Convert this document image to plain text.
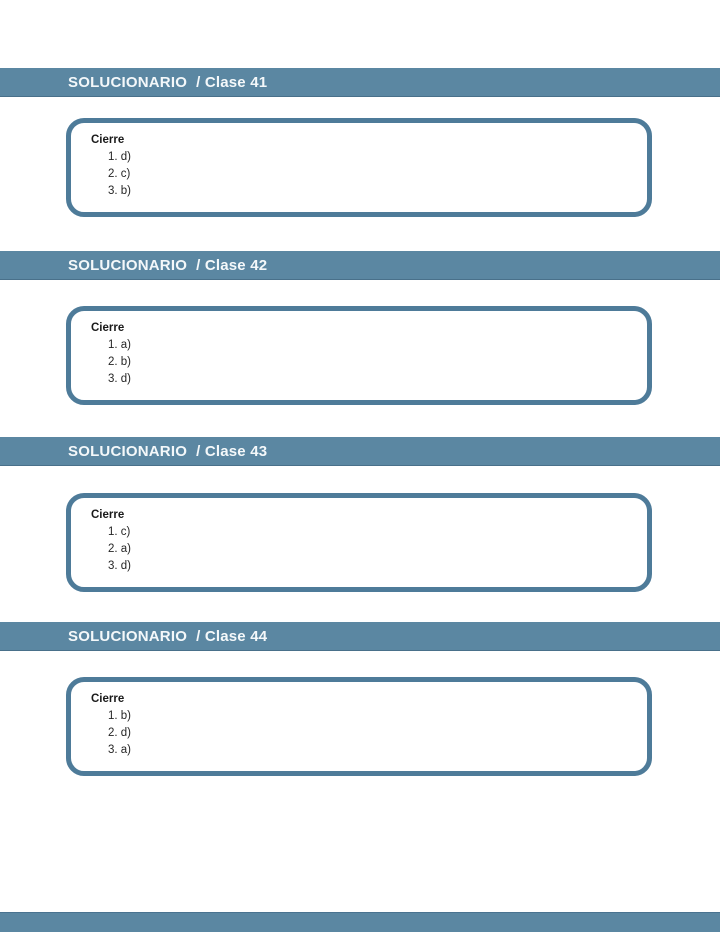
SOLUCIONARIO / Clase 41
Cierre
1. d)
2. c)
3. b)
SOLUCIONARIO / Clase 42
Cierre
1. a)
2. b)
3. d)
SOLUCIONARIO / Clase 43
Cierre
1. c)
2. a)
3. d)
SOLUCIONARIO / Clase 44
Cierre
1. b)
2. d)
3. a)
